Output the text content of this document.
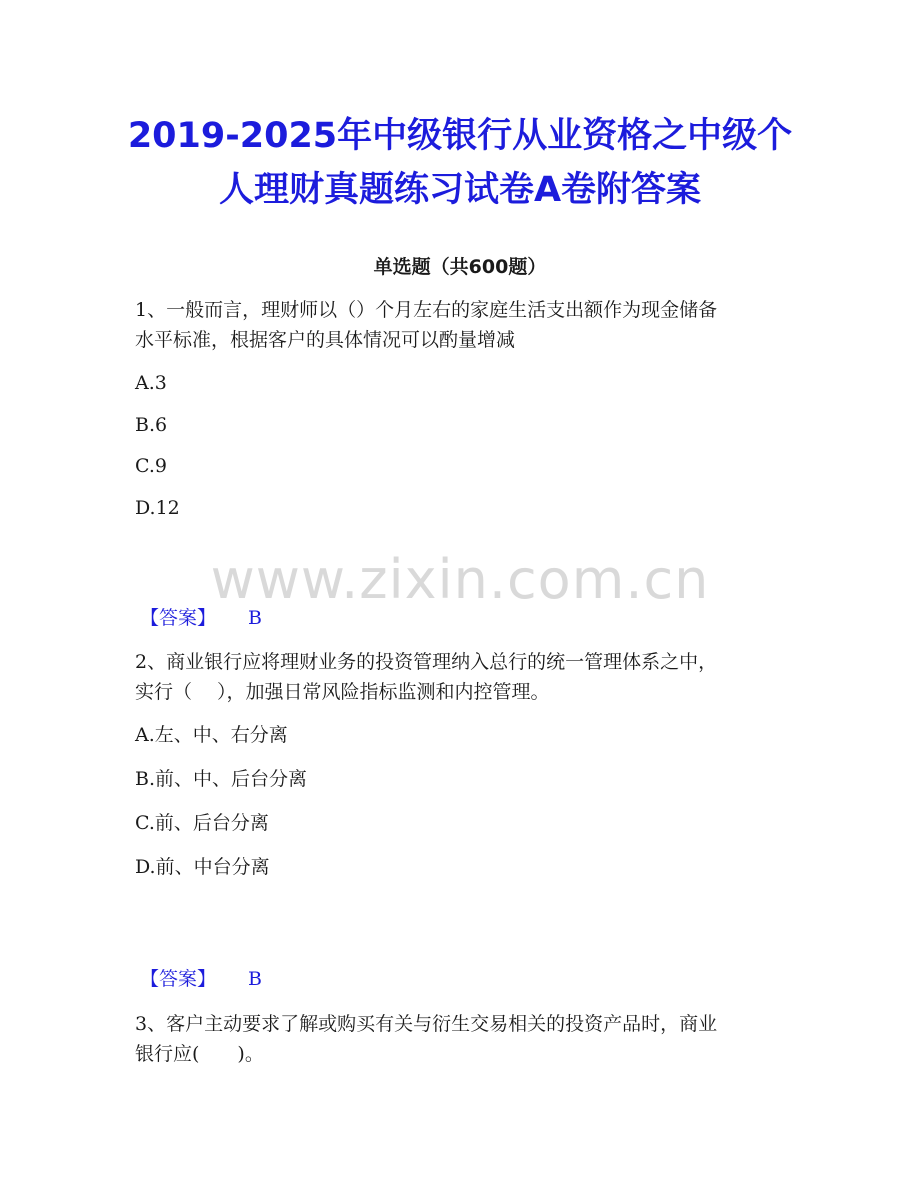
2019-2025年中级银行从业资格之中级个
人理财真题练习试卷A卷附答案
单选题（共600题）
1、一般而言，理财师以（）个月左右的家庭生活支出额作为现金储备
水平标准，根据客户的具体情况可以酌量增减
A.3
B.6
C.9
D.12
www.zixin.com.cn
【答案】 B
2、商业银行应将理财业务的投资管理纳入总行的统一管理体系之中，
实行（　 ），加强日常风险指标监测和内控管理。
A.左、中、右分离
B.前、中、后台分离
C.前、后台分离
D.前、中台分离
【答案】 B
3、客户主动要求了解或购买有关与衍生交易相关的投资产品时，商业
银行应(　　)。
